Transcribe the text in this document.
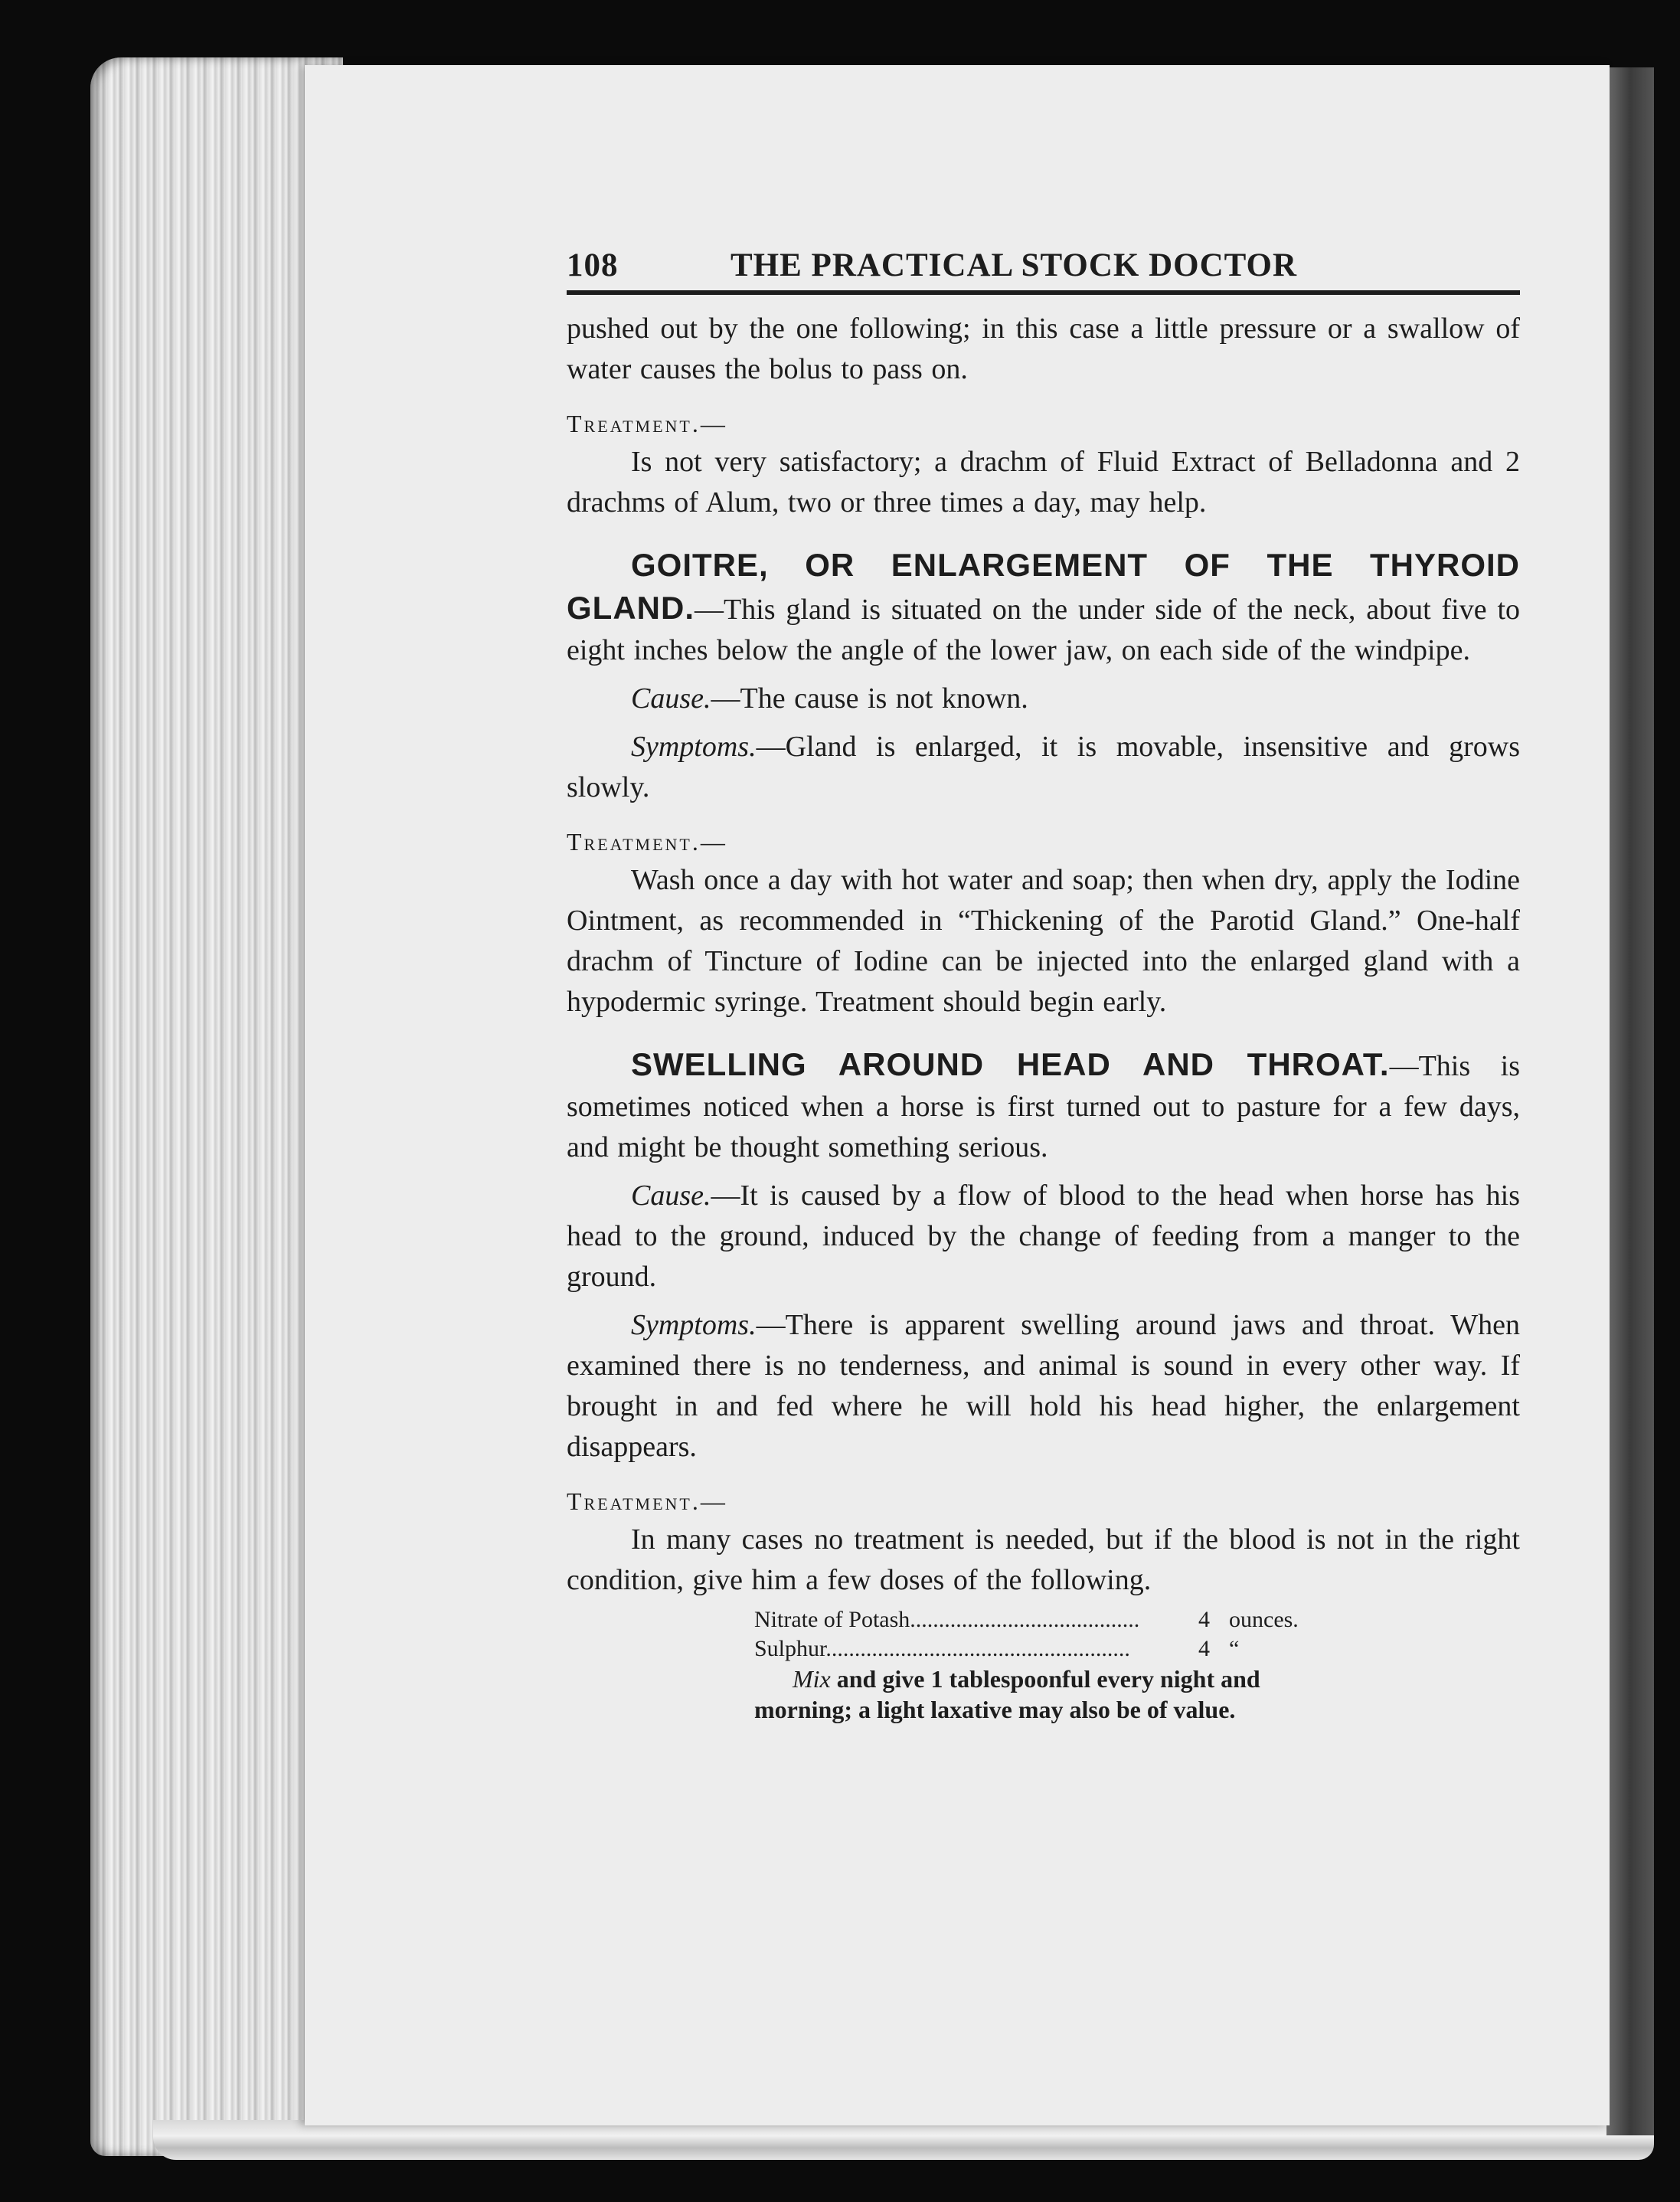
108	THE PRACTICAL STOCK DOCTOR

pushed out by the one following; in this case a little pressure or a swallow of water causes the bolus to pass on.

Treatment.—

Is not very satisfactory; a drachm of Fluid Extract of Belladonna and 2 drachms of Alum, two or three times a day, may help.

GOITRE, OR ENLARGEMENT OF THE THYROID GLAND.—This gland is situated on the under side of the neck, about five to eight inches below the angle of the lower jaw, on each side of the windpipe.

Cause.—The cause is not known.

Symptoms.—Gland is enlarged, it is movable, insensitive and grows slowly.

Treatment.—

Wash once a day with hot water and soap; then when dry, apply the Iodine Ointment, as recommended in “Thickening of the Parotid Gland.” One-half drachm of Tincture of Iodine can be injected into the enlarged gland with a hypodermic syringe. Treatment should begin early.

SWELLING AROUND HEAD AND THROAT.—This is sometimes noticed when a horse is first turned out to pasture for a few days, and might be thought something serious.

Cause.—It is caused by a flow of blood to the head when horse has his head to the ground, induced by the change of feeding from a manger to the ground.

Symptoms.—There is apparent swelling around jaws and throat. When examined there is no tenderness, and animal is sound in every other way. If brought in and fed where he will hold his head higher, the enlargement disappears.

Treatment.—

In many cases no treatment is needed, but if the blood is not in the right condition, give him a few doses of the following.

Nitrate of Potash........................................	4 ounces.
Sulphur.....................................................	4 “
Mix and give 1 tablespoonful every night and morning; a light laxative may also be of value.
